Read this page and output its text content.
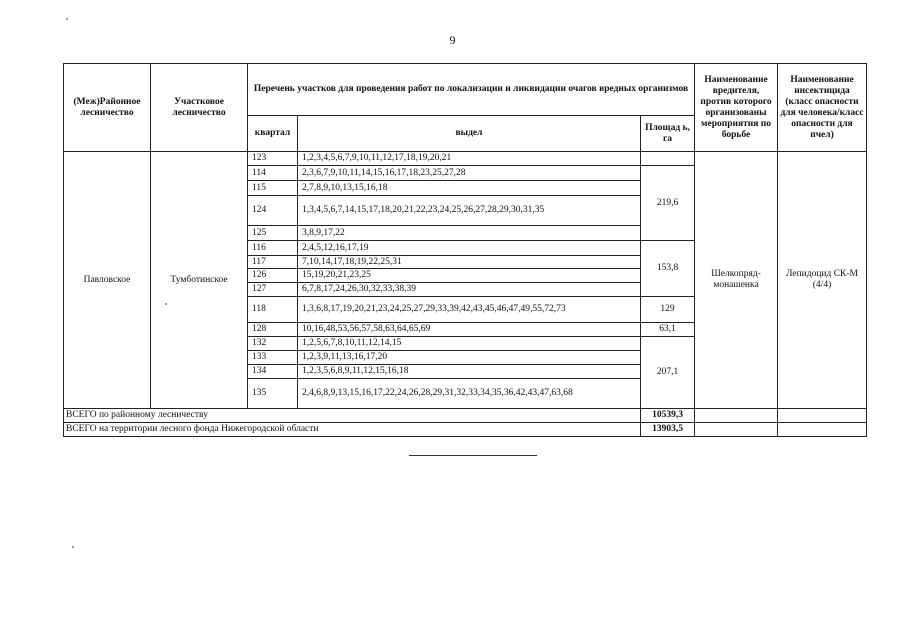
9
(Меж)Районное лесничество	Участковое лесничество	Перечень участков для проведения работ по локализации и ликвидации очагов вредных организмов			Наименование вредителя, против которого организованы мероприятия по борьбе	Наименование инсектицида (класс опасности для человека/класс опасности для пчел)
		квартал	выдел	Площад ь, га		
Павловское	Тумботинское	123	1,2,3,4,5,6,7,9,10,11,12,17,18,19,20,21		Шелкопряд-монашенка	Лепидоцид СК-М (4/4)
		114	2,3,6,7,9,10,11,14,15,16,17,18,23,25,27,28	219,6		
		115	2,7,8,9,10,13,15,16,18			
		124	1,3,4,5,6,7,14,15,17,18,20,21,22,23,24,25,26,27,28,29,30,31,35			
		125	3,8,9,17,22			
		116	2,4,5,12,16,17,19	153,8		
		117	7,10,14,17,18,19,22,25,31			
		126	15,19,20,21,23,25			
		127	6,7,8,17,24,26,30,32,33,38,39			
		118	1,3,6,8,17,19,20,21,23,24,25,27,29,33,39,42,43,45,46,47,49,55,72,73	129		
		128	10,16,48,53,56,57,58,63,64,65,69	63,1		
		132	1,2,5,6,7,8,10,11,12,14,15	207,1		
		133	1,2,3,9,11,13,16,17,20			
		134	1,2,3,5,6,8,9,11,12,15,16,18			
		135	2,4,6,8,9,13,15,16,17,22,24,26,28,29,31,32,33,34,35,36,42,43,47,63,68			
ВСЕГО по районному лесничеству				10539,3		
ВСЕГО на территории лесного фонда Нижегородской области				13903,5		
